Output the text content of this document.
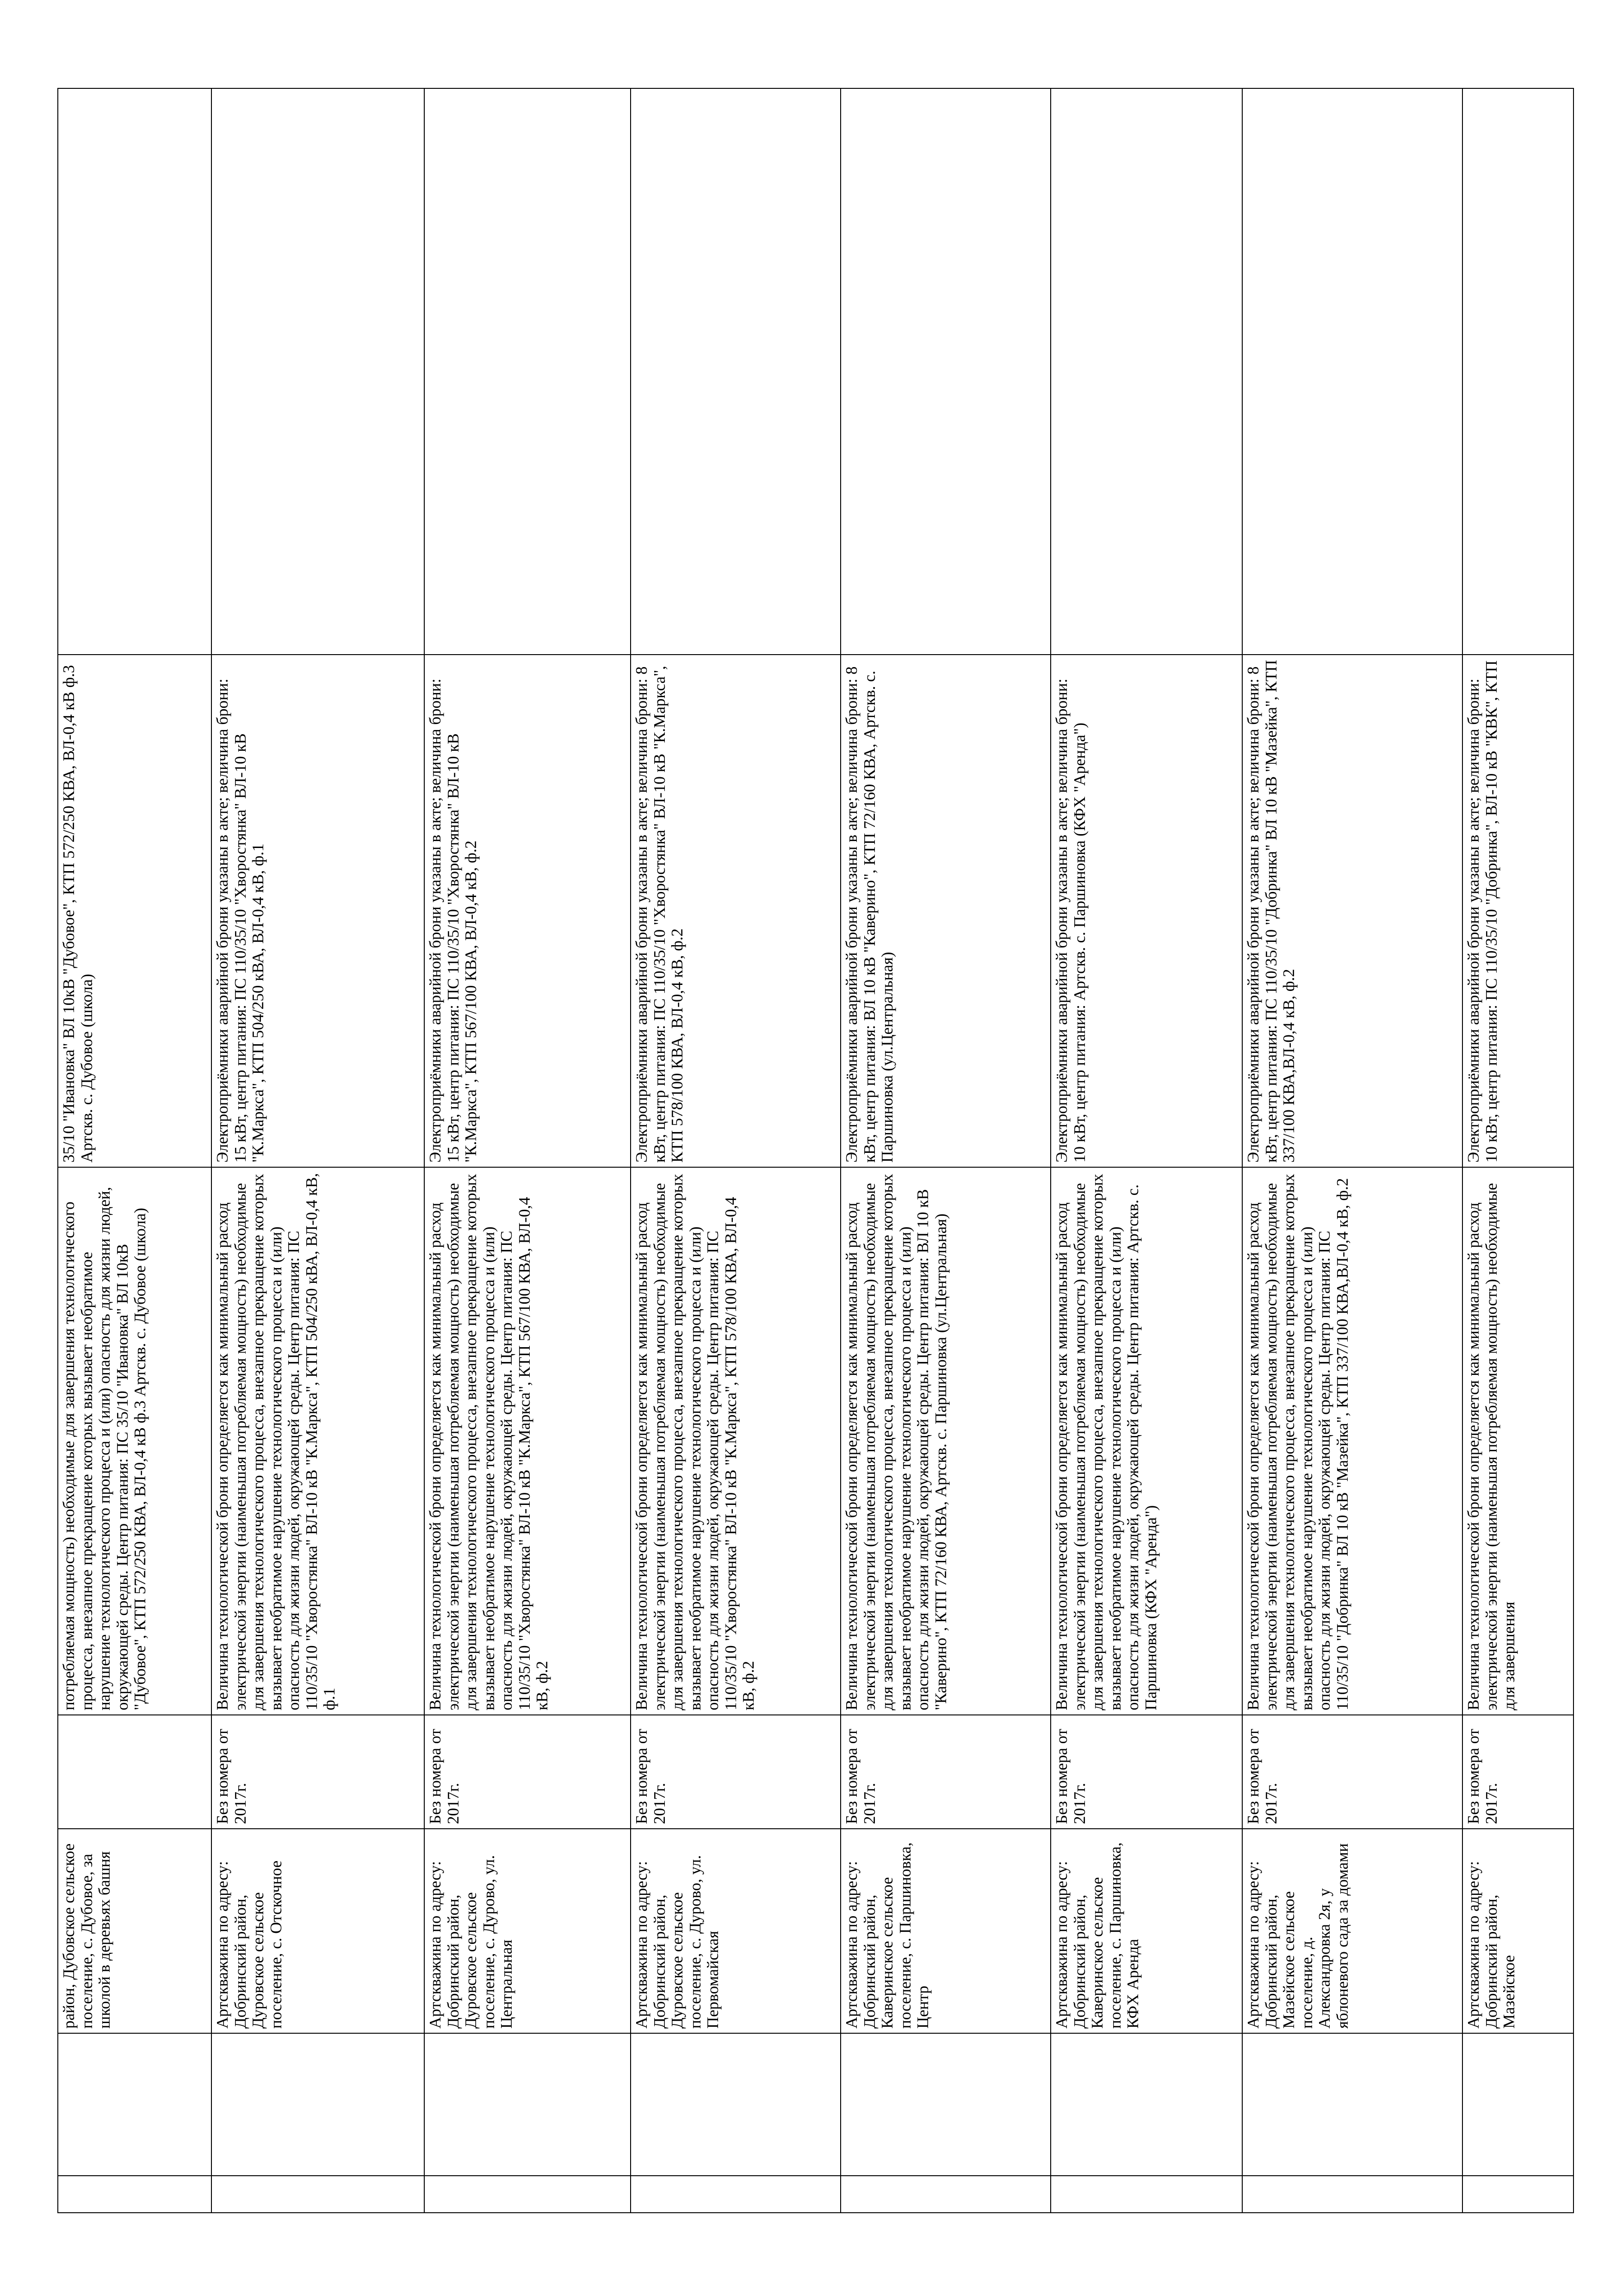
		район, Дубовское сельское поселение, с. Дубовое, за школой в деревьях башня		потребляемая мощность) необходимые для завершения технологического процесса, внезапное прекращение которых вызывает необратимое нарушение технологического процесса и (или) опасность для жизни людей, окружающей среды. Центр питания: ПС 35/10 "Ивановка" ВЛ 10кВ "Дубовое", КТП 572/250 КВА, ВЛ-0,4 кВ ф.3 Артскв. с. Дубовое (школа)	35/10 "Ивановка" ВЛ 10кВ "Дубовое", КТП 572/250 КВА, ВЛ-0,4 кВ ф.3 Артскв. с. Дубовое (школа)	

		Артскважина по адресу: Добринский район, Дуровское сельское поселение, с. Отскочное	Без номера от 2017г.	Величина технологической брони определяется как минимальный расход электрической энергии (наименьшая потребляемая мощность) необходимые для завершения технологического процесса, внезапное прекращение которых вызывает необратимое нарушение технологического процесса и (или) опасность для жизни людей, окружающей среды. Центр питания: ПС 110/35/10 "Хворостянка" ВЛ-10 кВ "К.Маркса", КТП 504/250 кВА, ВЛ-0,4 кВ, ф.1	Электроприёмники аварийной брони указаны в акте; величина брони: 15 кВт, центр питания: ПС 110/35/10 "Хворостянка" ВЛ-10 кВ "К.Маркса", КТП 504/250 кВА, ВЛ-0,4 кВ, ф.1	

		Артскважина по адресу: Добринский район, Дуровское сельское поселение, с. Дурово, ул. Центральная	Без номера от 2017г.	Величина технологической брони определяется как минимальный расход электрической энергии (наименьшая потребляемая мощность) необходимые для завершения технологического процесса, внезапное прекращение которых вызывает необратимое нарушение технологического процесса и (или) опасность для жизни людей, окружающей среды. Центр питания: ПС 110/35/10 "Хворостянка" ВЛ-10 кВ "К.Маркса", КТП 567/100 КВА, ВЛ-0,4 кВ, ф.2	Электроприёмники аварийной брони указаны в акте; величина брони: 15 кВт, центр питания: ПС 110/35/10 "Хворостянка" ВЛ-10 кВ "К.Маркса", КТП 567/100 КВА, ВЛ-0,4 кВ, ф.2	

		Артскважина по адресу: Добринский район, Дуровское сельское поселение, с. Дурово, ул. Первомайская	Без номера от 2017г.	Величина технологической брони определяется как минимальный расход электрической энергии (наименьшая потребляемая мощность) необходимые для завершения технологического процесса, внезапное прекращение которых вызывает необратимое нарушение технологического процесса и (или) опасность для жизни людей, окружающей среды. Центр питания: ПС 110/35/10 "Хворостянка" ВЛ-10 кВ "К.Маркса", КТП 578/100 КВА, ВЛ-0,4 кВ, ф.2	Электроприёмники аварийной брони указаны в акте; величина брони: 8 кВт, центр питания: ПС 110/35/10 "Хворостянка" ВЛ-10 кВ "К.Маркса", КТП 578/100 КВА, ВЛ-0,4 кВ, ф.2	

		Артскважина по адресу: Добринский район, Каверинское сельское поселение, с. Паршиновка, Центр	Без номера от 2017г.	Величина технологической брони определяется как минимальный расход электрической энергии (наименьшая потребляемая мощность) необходимые для завершения технологического процесса, внезапное прекращение которых вызывает необратимое нарушение технологического процесса и (или) опасность для жизни людей, окружающей среды. Центр питания: ВЛ 10 кВ "Каверино", КТП 72/160 КВА, Артскв. с. Паршиновка (ул.Центральная)	Электроприёмники аварийной брони указаны в акте; величина брони: 8 кВт, центр питания: ВЛ 10 кВ "Каверино", КТП 72/160 КВА, Артскв. с. Паршиновка (ул.Центральная)	

		Артскважина по адресу: Добринский район, Каверинское сельское поселение, с. Паршиновка, КФХ Аренда	Без номера от 2017г.	Величина технологической брони определяется как минимальный расход электрической энергии (наименьшая потребляемая мощность) необходимые для завершения технологического процесса, внезапное прекращение которых вызывает необратимое нарушение технологического процесса и (или) опасность для жизни людей, окружающей среды. Центр питания: Артскв. с. Паршиновка (КФХ "Аренда")	Электроприёмники аварийной брони указаны в акте; величина брони: 10 кВт, центр питания: Артскв. с. Паршиновка (КФХ "Аренда")	

		Артскважина по адресу: Добринский район, Мазейское сельское поселение, д. Александровка 2я, у яблоневого сада за домами	Без номера от 2017г.	Величина технологической брони определяется как минимальный расход электрической энергии (наименьшая потребляемая мощность) необходимые для завершения технологического процесса, внезапное прекращение которых вызывает необратимое нарушение технологического процесса и (или) опасность для жизни людей, окружающей среды. Центр питания: ПС 110/35/10 "Добринка" ВЛ 10 кВ "Мазейка", КТП 337/100 КВА,ВЛ-0,4 кВ, ф.2	Электроприёмники аварийной брони указаны в акте; величина брони: 8 кВт, центр питания: ПС 110/35/10 "Добринка" ВЛ 10 кВ "Мазейка", КТП 337/100 КВА,ВЛ-0,4 кВ, ф.2	

		Артскважина по адресу: Добринский район, Мазейское	Без номера от 2017г.	Величина технологической брони определяется как минимальный расход электрической энергии (наименьшая потребляемая мощность) необходимые для завершения	Электроприёмники аварийной брони указаны в акте; величина брони: 10 кВт, центр питания: ПС 110/35/10 "Добринка", ВЛ-10 кВ "КВК", КТП	
